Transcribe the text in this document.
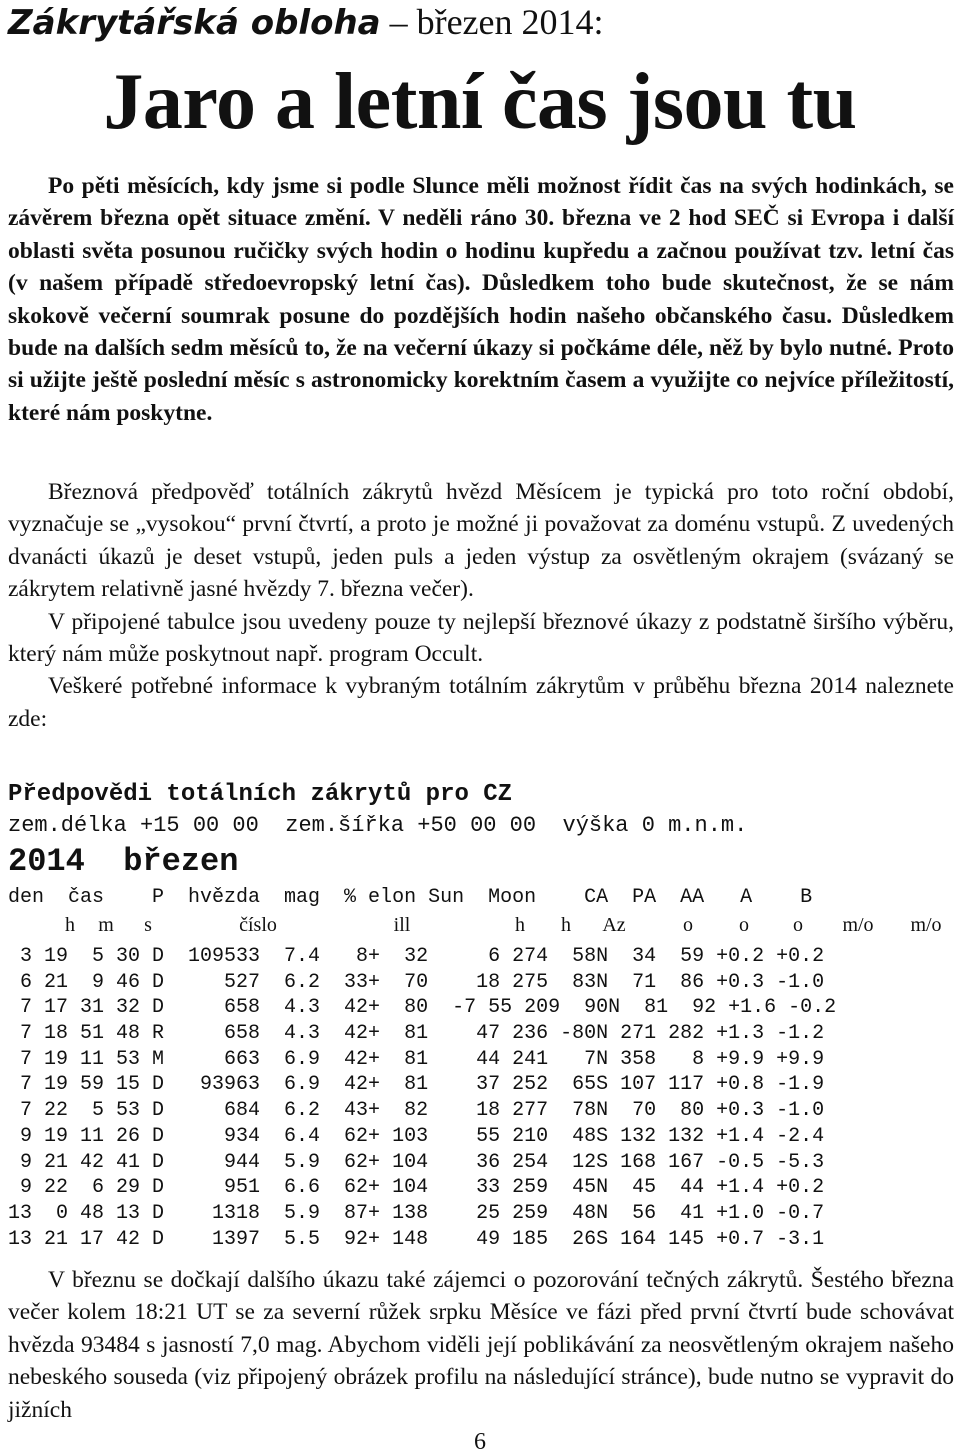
Zákrytářská obloha – březen 2014:
Jaro a letní čas jsou tu

Po pěti měsících, kdy jsme si podle Slunce měli možnost řídit čas na svých hodinkách, se závěrem března opět situace změní. V neděli ráno 30. března ve 2 hod SEČ si Evropa i další oblasti světa posunou ručičky svých hodin o hodinu kupředu a začnou používat tzv. letní čas (v našem případě středoevropský letní čas). Důsledkem toho bude skutečnost, že se nám skokově večerní soumrak posune do pozdějších hodin našeho občanského času. Důsledkem bude na dalších sedm měsíců to, že na večerní úkazy si počkáme déle, něž by bylo nutné. Proto si užijte ještě poslední měsíc s astronomicky korektním časem a využijte co nejvíce příležitostí, které nám poskytne.

Březnová předpověď totálních zákrytů hvězd Měsícem je typická pro toto roční období, vyznačuje se „vysokou“ první čtvrtí, a proto je možné ji považovat za doménu vstupů. Z uvedených dvanácti úkazů je deset vstupů, jeden puls a jeden výstup za osvětleným okrajem (svázaný se zákrytem relativně jasné hvězdy 7. března večer).

V připojené tabulce jsou uvedeny pouze ty nejlepší březnové úkazy z podstatně širšího výběru, který nám může poskytnout např. program Occult.

Veškeré potřebné informace k vybraným totálním zákrytům v průběhu března 2014 naleznete zde:

Předpovědi totálních zákrytů pro CZ
zem.délka +15 00 00  zem.šířka +50 00 00  výška 0 m.n.m.
2014  březen
den  čas    P  hvězda  mag  % elon Sun  Moon    CA  PA  AA   A    B
h	m	s	číslo	ill	h	h	Az	o	o	o	m/o m/o
3 19  5 30 D  109533  7.4   8+  32     6 274  58N  34  59 +0.2 +0.2
6 21  9 46 D     527  6.2  33+  70    18 275  83N  71  86 +0.3 -1.0
7 17 31 32 D     658  4.3  42+  80  -7 55 209  90N  81  92 +1.6 -0.2
7 18 51 48 R     658  4.3  42+  81    47 236 -80N 271 282 +1.3 -1.2
7 19 11 53 M     663  6.9  42+  81    44 241   7N 358   8 +9.9 +9.9
7 19 59 15 D   93963  6.9  42+  81    37 252  65S 107 117 +0.8 -1.9
7 22  5 53 D     684  6.2  43+  82    18 277  78N  70  80 +0.3 -1.0
9 19 11 26 D     934  6.4  62+ 103    55 210  48S 132 132 +1.4 -2.4
9 21 42 41 D     944  5.9  62+ 104    36 254  12S 168 167 -0.5 -5.3
9 22  6 29 D     951  6.6  62+ 104    33 259  45N  45  44 +1.4 +0.2
13  0 48 13 D    1318  5.9  87+ 138    25 259  48N  56  41 +1.0 -0.7
13 21 17 42 D    1397  5.5  92+ 148    49 185  26S 164 145 +0.7 -3.1

V březnu se dočkají dalšího úkazu také zájemci o pozorování tečných zákrytů. Šestého března večer kolem 18:21 UT se za severní růžek srpku Měsíce ve fázi před první čtvrtí bude schovávat hvězda 93484 s jasností 7,0 mag. Abychom viděli její poblikávání za neosvětleným okrajem našeho nebeského souseda (viz připojený obrázek profilu na následující stránce), bude nutno se vypravit do jižních

6
